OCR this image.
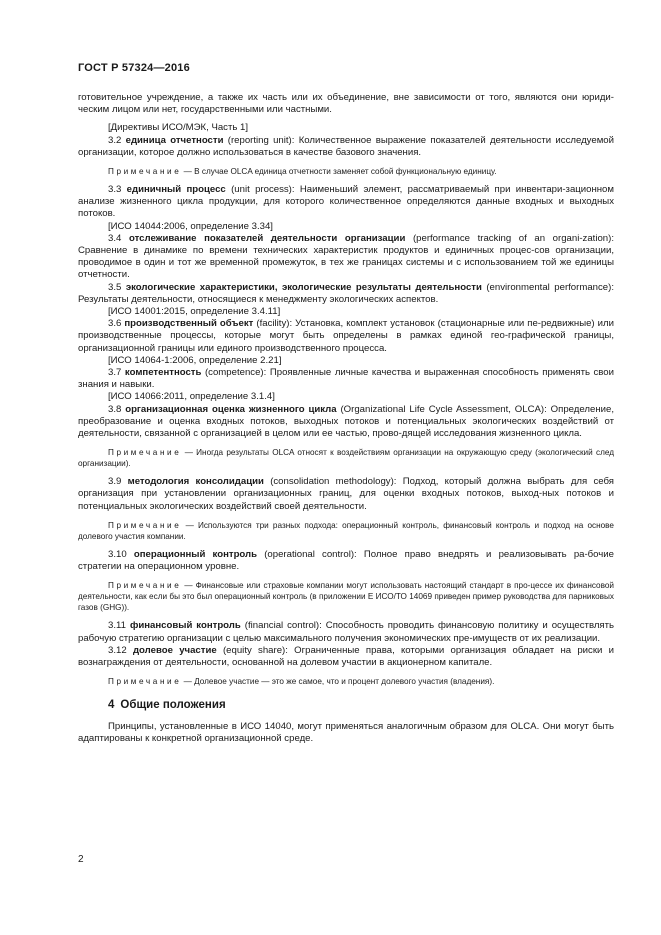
ГОСТ Р 57324—2016

готовительное учреждение, а также их часть или их объединение, вне зависимости от того, являются они юриди-ческим лицом или нет, государственными или частными.

[Директивы ИСО/МЭК, Часть 1]

3.2 единица отчетности (reporting unit): Количественное выражение показателей деятельности исследуемой организации, которое должно использоваться в качестве базового значения.

Примечание — В случае OLCA единица отчетности заменяет собой функциональную единицу.

3.3 единичный процесс (unit process): Наименьший элемент, рассматриваемый при инвентари-зационном анализе жизненного цикла продукции, для которого количественное определяются данные входных и выходных потоков.

[ИСО 14044:2006, определение 3.34]

3.4 отслеживание показателей деятельности организации (performance tracking of an organi-zation): Сравнение в динамике по времени технических характеристик продуктов и единичных процес-сов организации, проводимое в один и тот же временной промежуток, в тех же границах системы и с использованием той же единицы отчетности.

3.5 экологические характеристики, экологические результаты деятельности (environmental performance): Результаты деятельности, относящиеся к менеджменту экологических аспектов.

[ИСО 14001:2015, определение 3.4.11]

3.6 производственный объект (facility): Установка, комплект установок (стационарные или пе-редвижные) или производственные процессы, которые могут быть определены в рамках единой гео-графической границы, организационной границы или единого производственного процесса.

[ИСО 14064-1:2006, определение 2.21]

3.7 компетентность (competence): Проявленные личные качества и выраженная способность применять свои знания и навыки.

[ИСО 14066:2011, определение 3.1.4]

3.8 организационная оценка жизненного цикла (Organizational Life Cycle Assessment, OLCA): Определение, преобразование и оценка входных потоков, выходных потоков и потенциальных экологических воздействий от деятельности, связанной с организацией в целом или ее частью, прово-дящей исследования жизненного цикла.

Примечание — Иногда результаты OLCA относят к воздействиям организации на окружающую среду (экологический след организации).

3.9 методология консолидации (consolidation methodology): Подход, который должна выбрать для себя организация при установлении организационных границ, для оценки входных потоков, выход-ных потоков и потенциальных экологических воздействий своей деятельности.

Примечание — Используются три разных подхода: операционный контроль, финансовый контроль и подход на основе долевого участия компании.

3.10 операционный контроль (operational control): Полное право внедрять и реализовывать ра-бочие стратегии на операционном уровне.

Примечание — Финансовые или страховые компании могут использовать настоящий стандарт в про-цессе их финансовой деятельности, как если бы это был операционный контроль (в приложении Е ИСО/ТО 14069 приведен пример руководства для парниковых газов (GHG)).

3.11 финансовый контроль (financial control): Способность проводить финансовую политику и осуществлять рабочую стратегию организации с целью максимального получения экономических пре-имуществ от их реализации.

3.12 долевое участие (equity share): Ограниченные права, которыми организация обладает на риски и вознаграждения от деятельности, основанной на долевом участии в акционерном капитале.

Примечание — Долевое участие — это же самое, что и процент долевого участия (владения).

4 Общие положения

Принципы, установленные в ИСО 14040, могут применяться аналогичным образом для OLCA. Они могут быть адаптированы к конкретной организационной среде.

2
